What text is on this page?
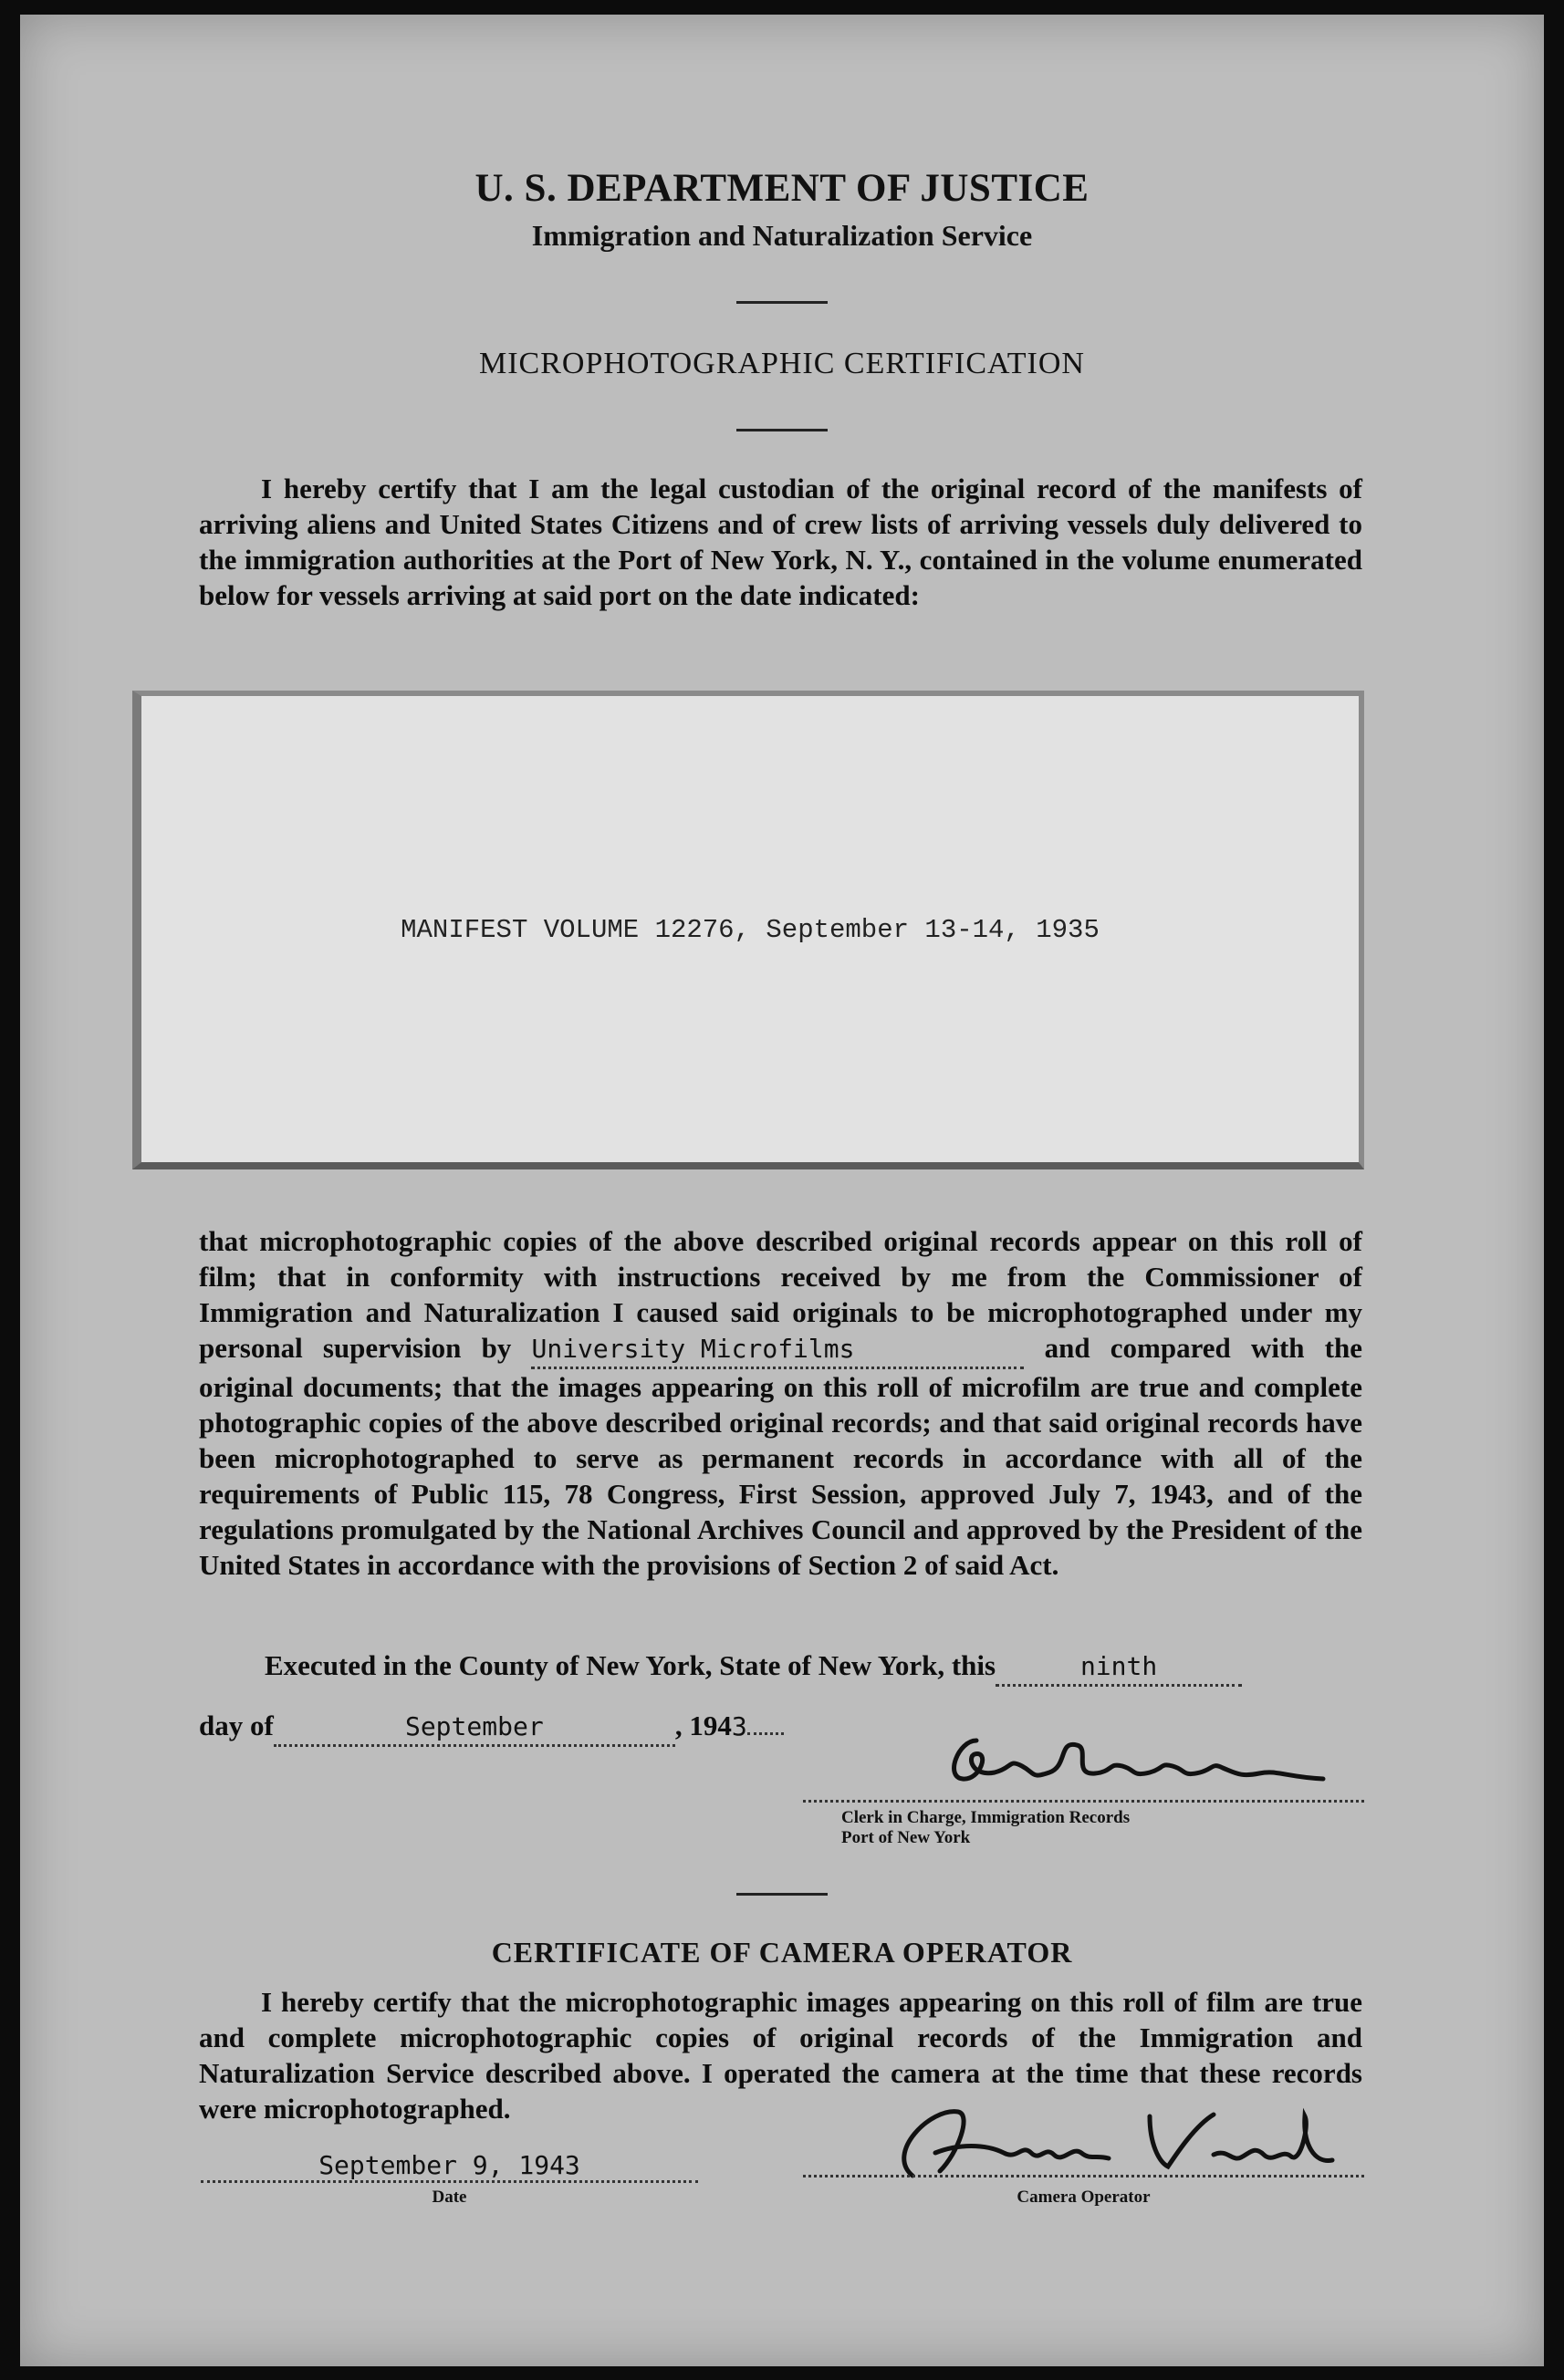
U. S. DEPARTMENT OF JUSTICE
Immigration and Naturalization Service
MICROPHOTOGRAPHIC CERTIFICATION
I hereby certify that I am the legal custodian of the original record of the manifests of arriving aliens and United States Citizens and of crew lists of arriving vessels duly delivered to the immigration authorities at the Port of New York, N. Y., contained in the volume enumerated below for vessels arriving at said port on the date indicated:
MANIFEST VOLUME 12276, September 13-14, 1935
that microphotographic copies of the above described original records appear on this roll of film; that in conformity with instructions received by me from the Commissioner of Immigration and Naturalization I caused said originals to be microphotographed under my personal supervision by University Microfilms	and compared with the original documents; that the images appearing on this roll of microfilm are true and complete photographic copies of the above described original records; and that said original records have been microphotographed to serve as permanent records in accordance with all of the requirements of Public 115, 78 Congress, First Session, approved July 7, 1943, and of the regulations promulgated by the National Archives Council and approved by the President of the United States in accordance with the provisions of Section 2 of said Act.
Executed in the County of New York, State of New York, this	ninth
day of	September	, 1943
Clerk in Charge, Immigration Records
Port of New York
CERTIFICATE OF CAMERA OPERATOR
I hereby certify that the microphotographic images appearing on this roll of film are true and complete microphotographic copies of original records of the Immigration and Naturalization Service described above. I operated the camera at the time that these records were microphotographed.
September 9, 1943
Date	Camera Operator
